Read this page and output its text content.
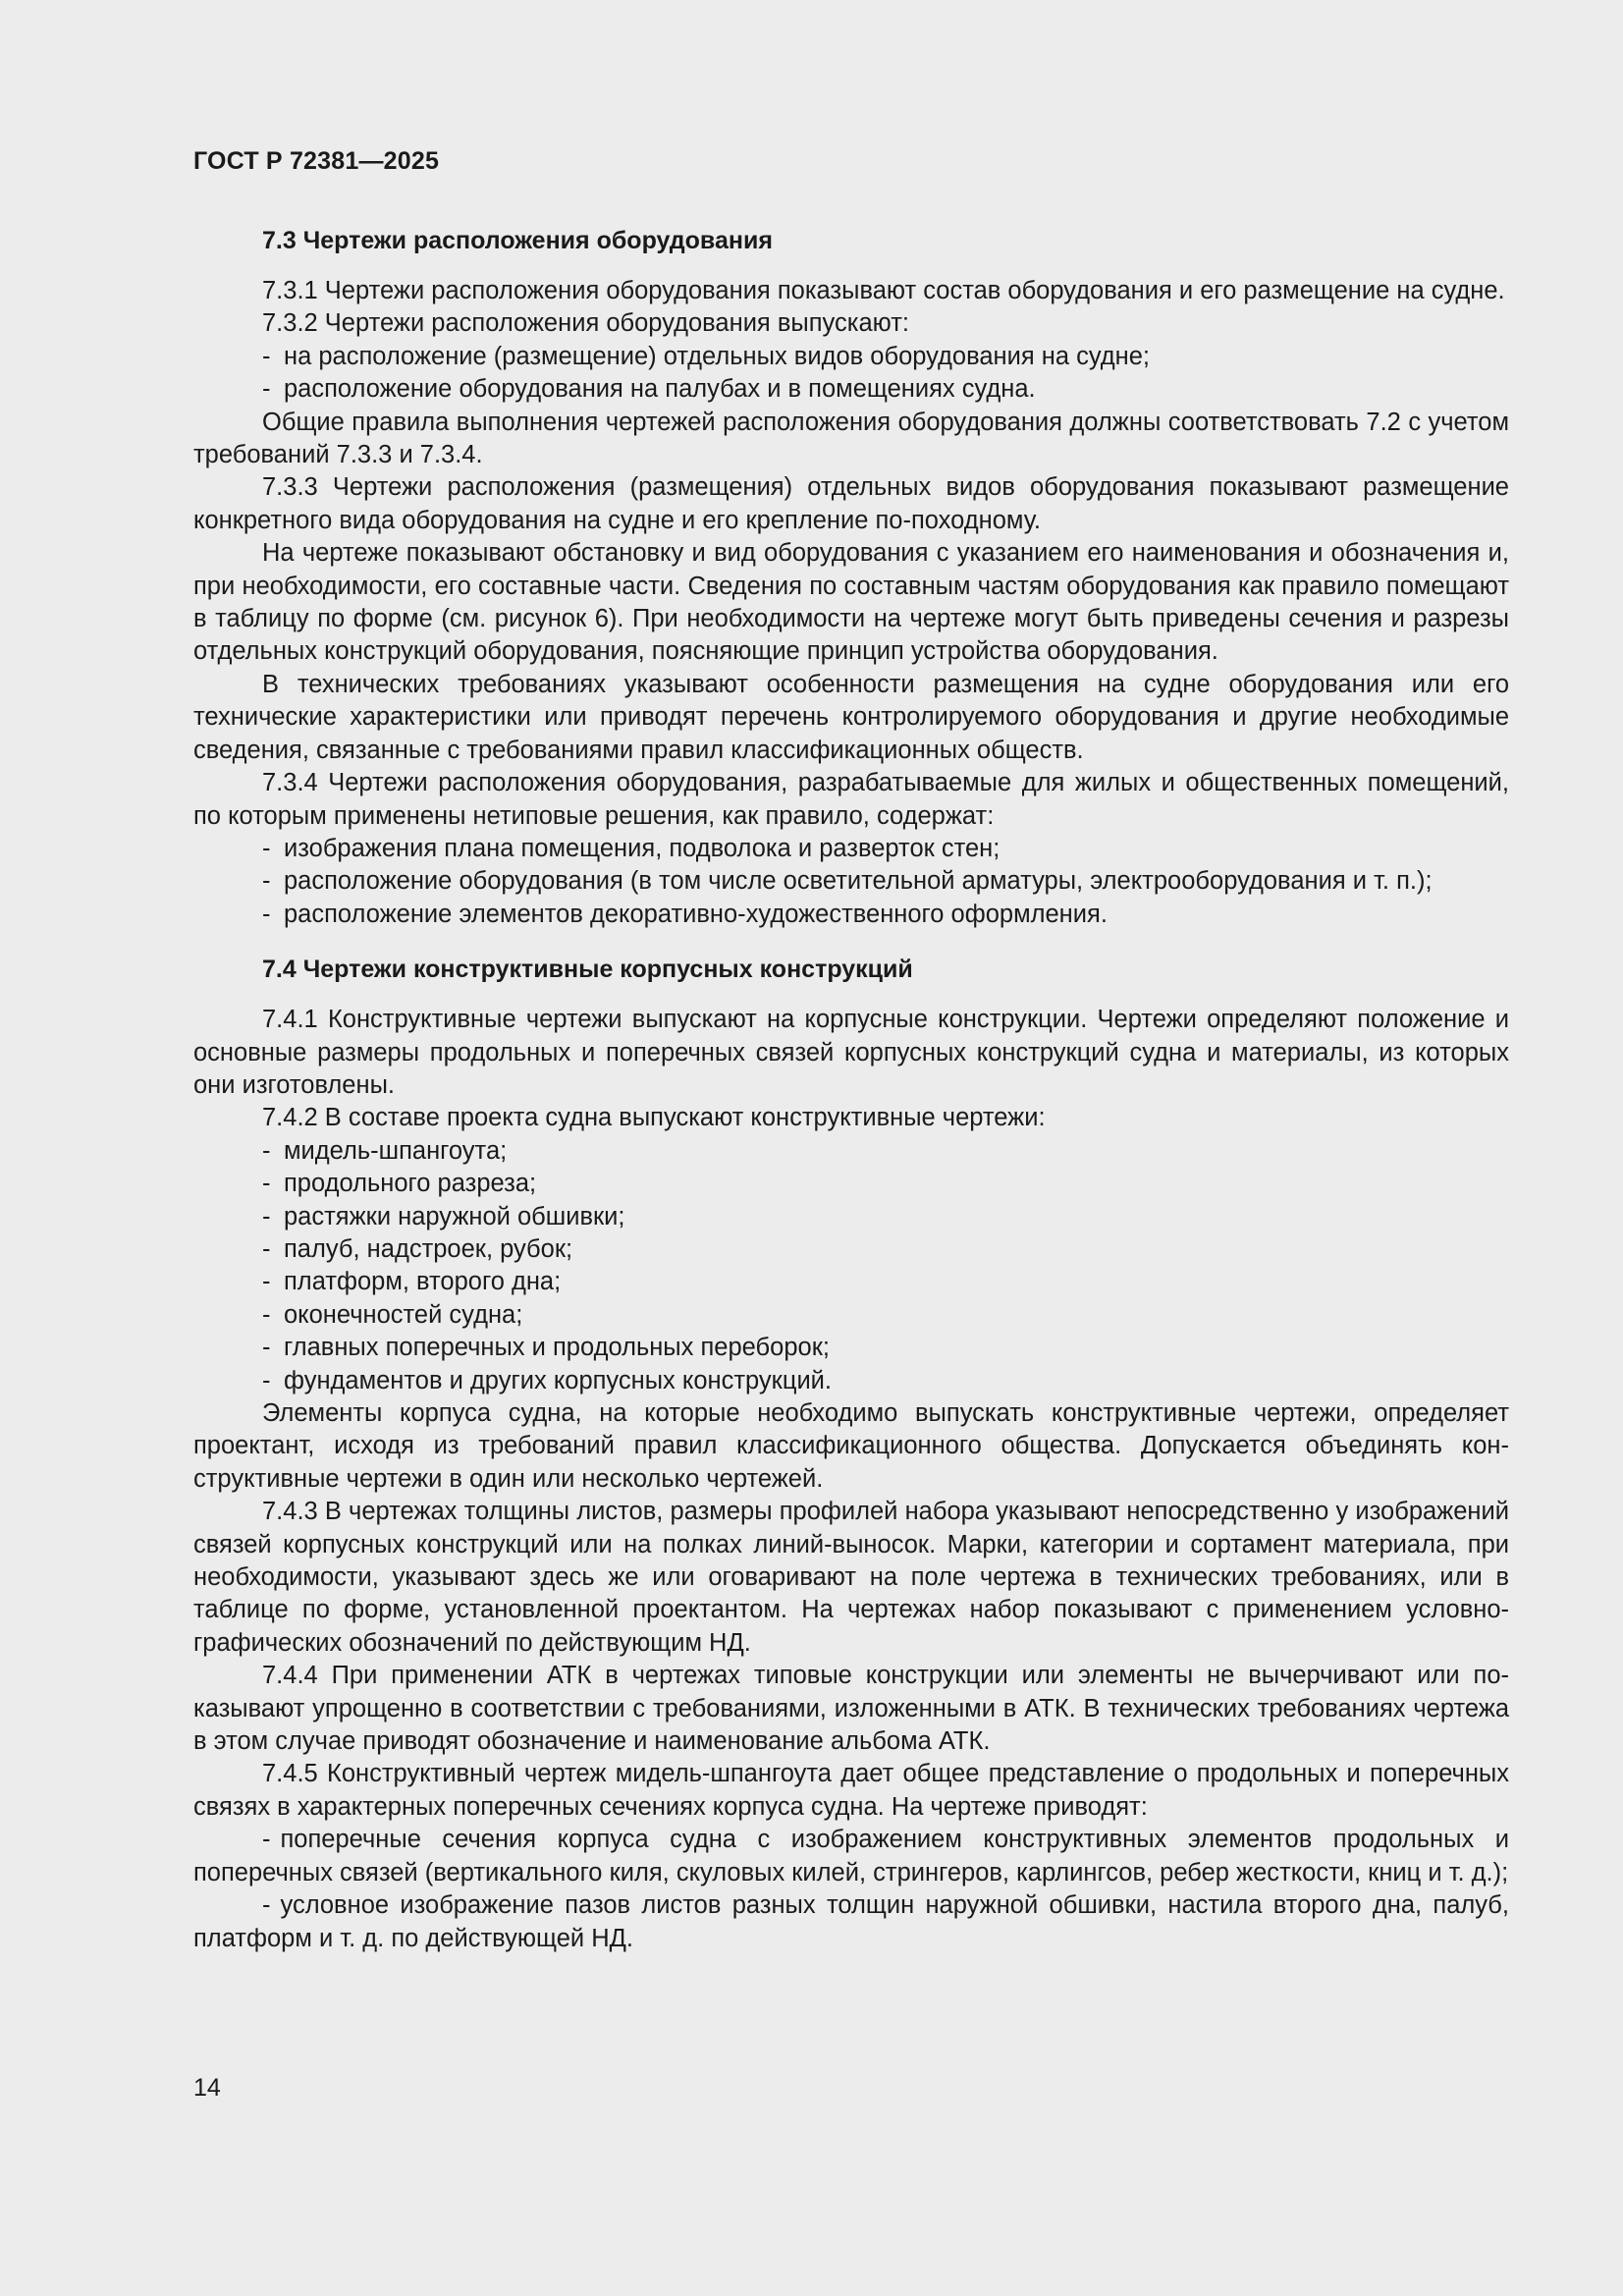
ГОСТ Р 72381—2025
7.3 Чертежи расположения оборудования

7.3.1 Чертежи расположения оборудования показывают состав оборудования и его размещение на судне.

7.3.2 Чертежи расположения оборудования выпускают:

- на расположение (размещение) отдельных видов оборудования на судне;
- расположение оборудования на палубах и в помещениях судна.

Общие правила выполнения чертежей расположения оборудования должны соответствовать 7.2 с учетом требований 7.3.3 и 7.3.4.

7.3.3 Чертежи расположения (размещения) отдельных видов оборудования показывают размещение конкретного вида оборудования на судне и его крепление по-походному.

На чертеже показывают обстановку и вид оборудования с указанием его наименования и обозначения и, при необходимости, его составные части. Сведения по составным частям оборудования как правило помещают в таблицу по форме (см. рисунок 6). При необходимости на чертеже могут быть приведены сечения и разрезы отдельных конструкций оборудования, поясняющие принцип устройства оборудования.

В технических требованиях указывают особенности размещения на судне оборудования или его технические характеристики или приводят перечень контролируемого оборудования и другие необходимые сведения, связанные с требованиями правил классификационных обществ.

7.3.4 Чертежи расположения оборудования, разрабатываемые для жилых и общественных помещений, по которым применены нетиповые решения, как правило, содержат:

- изображения плана помещения, подволока и разверток стен;
- расположение оборудования (в том числе осветительной арматуры, электрооборудования и т. п.);
- расположение элементов декоративно-художественного оформления.
7.4 Чертежи конструктивные корпусных конструкций

7.4.1 Конструктивные чертежи выпускают на корпусные конструкции. Чертежи определяют положение и основные размеры продольных и поперечных связей корпусных конструкций судна и материалы, из которых они изготовлены.

7.4.2 В составе проекта судна выпускают конструктивные чертежи:

- мидель-шпангоута;
- продольного разреза;
- растяжки наружной обшивки;
- палуб, надстроек, рубок;
- платформ, второго дна;
- оконечностей судна;
- главных поперечных и продольных переборок;
- фундаментов и других корпусных конструкций.

Элементы корпуса судна, на которые необходимо выпускать конструктивные чертежи, определяет проектант, исходя из требований правил классификационного общества. Допускается объединять конструктивные чертежи в один или несколько чертежей.

7.4.3 В чертежах толщины листов, размеры профилей набора указывают непосредственно у изображений связей корпусных конструкций или на полках линий-выносок. Марки, категории и сортамент материала, при необходимости, указывают здесь же или оговаривают на поле чертежа в технических требованиях, или в таблице по форме, установленной проектантом. На чертежах набор показывают с применением условно-графических обозначений по действующим НД.

7.4.4 При применении АТК в чертежах типовые конструкции или элементы не вычерчивают или показывают упрощенно в соответствии с требованиями, изложенными в АТК. В технических требованиях чертежа в этом случае приводят обозначение и наименование альбома АТК.

7.4.5 Конструктивный чертеж мидель-шпангоута дает общее представление о продольных и поперечных связях в характерных поперечных сечениях корпуса судна. На чертеже приводят:

- поперечные сечения корпуса судна с изображением конструктивных элементов продольных и поперечных связей (вертикального киля, скуловых килей, стрингеров, карлингсов, ребер жесткости, книц и т. д.);
- условное изображение пазов листов разных толщин наружной обшивки, настила второго дна, палуб, платформ и т. д. по действующей НД.
14
